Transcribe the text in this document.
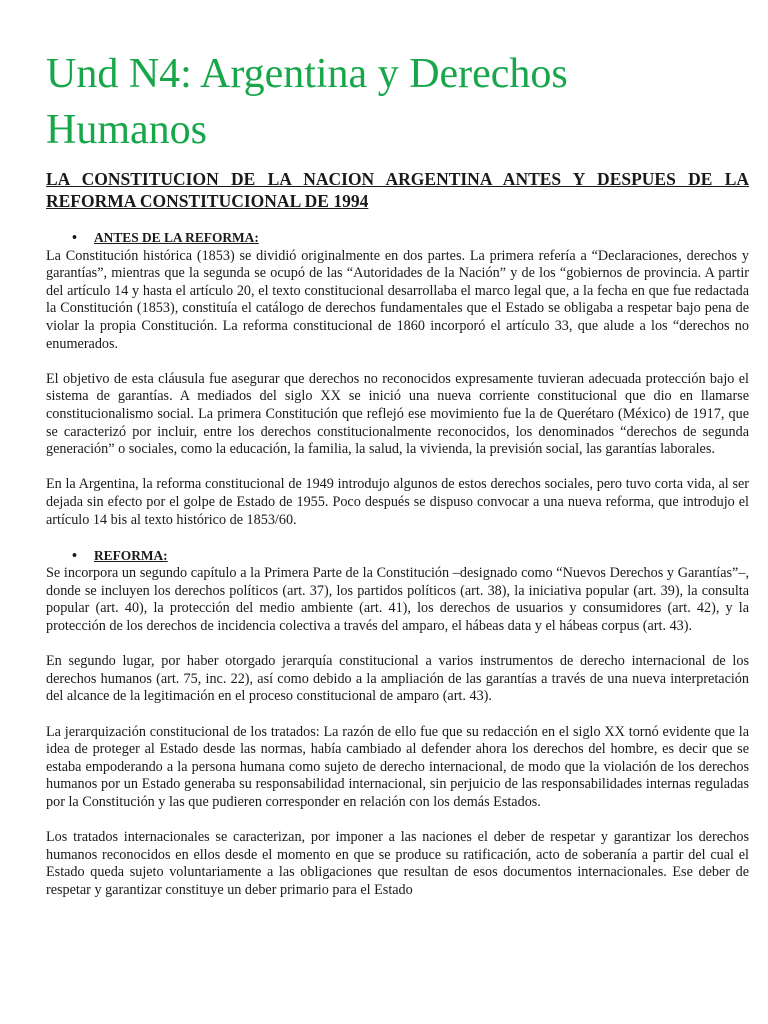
Und N4: Argentina y Derechos Humanos
LA CONSTITUCION DE LA NACION ARGENTINA ANTES Y DESPUES DE LA REFORMA CONSTITUCIONAL DE 1994
•	ANTES DE LA REFORMA:

La Constitución histórica (1853) se dividió originalmente en dos partes. La primera refería a “Declaraciones, derechos y garantías”, mientras que la segunda se ocupó de las “Autoridades de la Nación” y de los “gobiernos de provincia. A partir del artículo 14 y hasta el artículo 20, el texto constitucional desarrollaba el marco legal que, a la fecha en que fue redactada la Constitución (1853), constituía el catálogo de derechos fundamentales que el Estado se obligaba a respetar bajo pena de violar la propia Constitución. La reforma constitucional de 1860 incorporó el artículo 33, que alude a los “derechos no enumerados.

El objetivo de esta cláusula fue asegurar que derechos no reconocidos expresamente tuvieran adecuada protección bajo el sistema de garantías. A mediados del siglo XX se inició una nueva corriente constitucional que dio en llamarse constitucionalismo social. La primera Constitución que reflejó ese movimiento fue la de Querétaro (México) de 1917, que se caracterizó por incluir, entre los derechos constitucionalmente reconocidos, los denominados “derechos de segunda generación” o sociales, como la educación, la familia, la salud, la vivienda, la previsión social, las garantías laborales.

En la Argentina, la reforma constitucional de 1949 introdujo algunos de estos derechos sociales, pero tuvo corta vida, al ser dejada sin efecto por el golpe de Estado de 1955. Poco después se dispuso convocar a una nueva reforma, que introdujo el artículo 14 bis al texto histórico de 1853/60.

•	REFORMA:

Se incorpora un segundo capítulo a la Primera Parte de la Constitución –designado como “Nuevos Derechos y Garantías”–, donde se incluyen los derechos políticos (art. 37), los partidos políticos (art. 38), la iniciativa popular (art. 39), la consulta popular (art. 40), la protección del medio ambiente (art. 41), los derechos de usuarios y consumidores (art. 42), y la protección de los derechos de incidencia colectiva a través del amparo, el hábeas data y el hábeas corpus (art. 43).

En segundo lugar, por haber otorgado jerarquía constitucional a varios instrumentos de derecho internacional de los derechos humanos (art. 75, inc. 22), así como debido a la ampliación de las garantías a través de una nueva interpretación del alcance de la legitimación en el proceso constitucional de amparo (art. 43).

La jerarquización constitucional de los tratados: La razón de ello fue que su redacción en el siglo XX tornó evidente que la idea de proteger al Estado desde las normas, había cambiado al defender ahora los derechos del hombre, es decir que se estaba empoderando a la persona humana como sujeto de derecho internacional, de modo que la violación de los derechos humanos por un Estado generaba su responsabilidad internacional, sin perjuicio de las responsabilidades internas reguladas por la Constitución y las que pudieren corresponder en relación con los demás Estados.

Los tratados internacionales se caracterizan, por imponer a las naciones el deber de respetar y garantizar los derechos humanos reconocidos en ellos desde el momento en que se produce su ratificación, acto de soberanía a partir del cual el Estado queda sujeto voluntariamente a las obligaciones que resultan de esos documentos internacionales. Ese deber de respetar y garantizar constituye un deber primario para el Estado
